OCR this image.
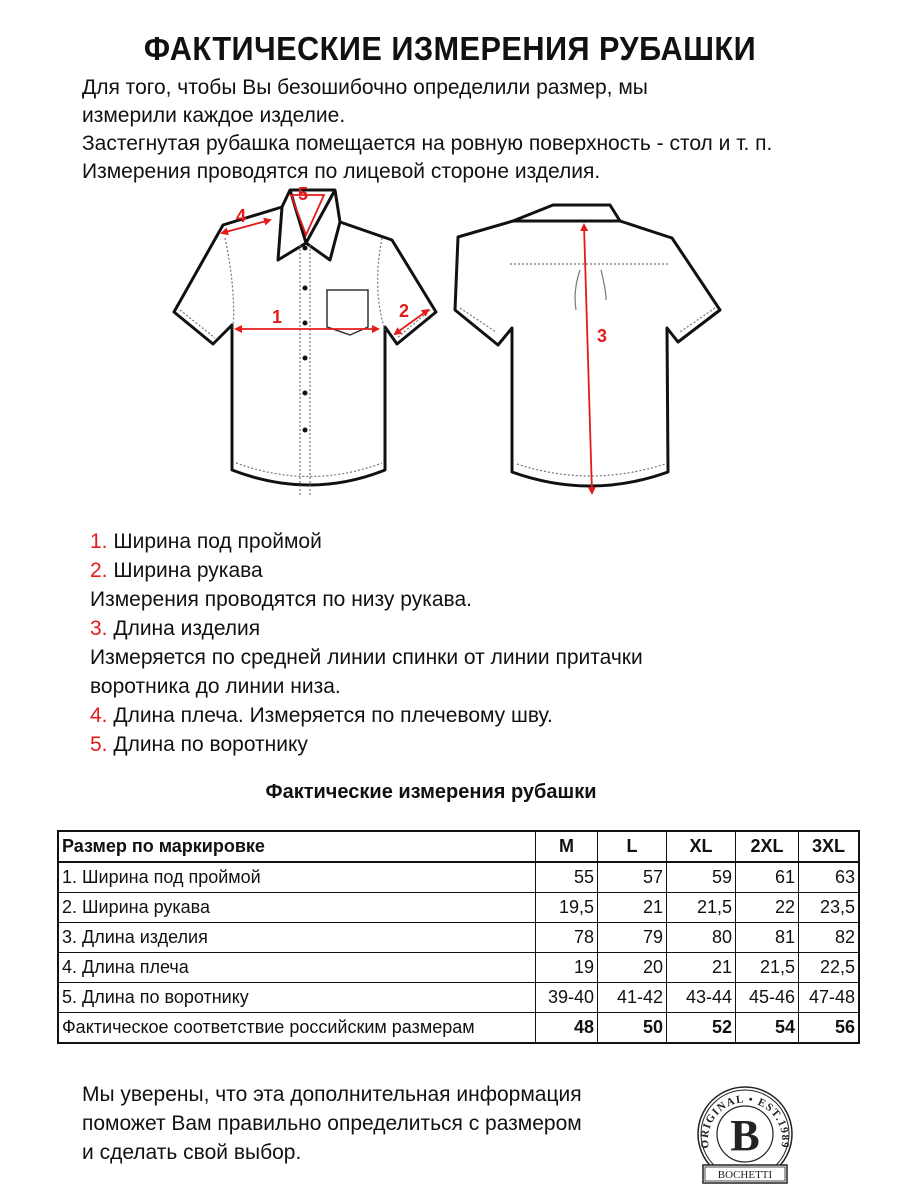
ФАКТИЧЕСКИЕ ИЗМЕРЕНИЯ РУБАШКИ
Для того, чтобы Вы безошибочно определили размер, мы
измерили каждое изделие.
Застегнутая рубашка помещается на ровную поверхность - стол и т. п.
Измерения проводятся по лицевой стороне изделия.
1	2
4
5
3
1. Ширина под проймой
2. Ширина рукава
Измерения проводятся по низу рукава.
3. Длина изделия
Измеряется по средней линии спинки от линии притачки
воротника до линии низа.
4. Длина плеча. Измеряется по плечевому шву.
5. Длина по воротнику
Фактические измерения рубашки
Размер по маркировке	M	L	XL	2XL	3XL
1. Ширина под проймой	55	57	59	61	63
2. Ширина рукава	19,5	21	21,5	22	23,5
3. Длина изделия	78	79	80	81	82
4. Длина плеча	19	20	21	21,5	22,5
5. Длина по воротнику	39-40	41-42	43-44	45-46	47-48
Фактическое соответствие российским размерам	48	50	52	54	56
Мы уверены, что эта дополнительная информация
поможет Вам правильно определиться с размером
и сделать свой выбор.	ORIGINAL • EST.1989
B
BOCHETTI
